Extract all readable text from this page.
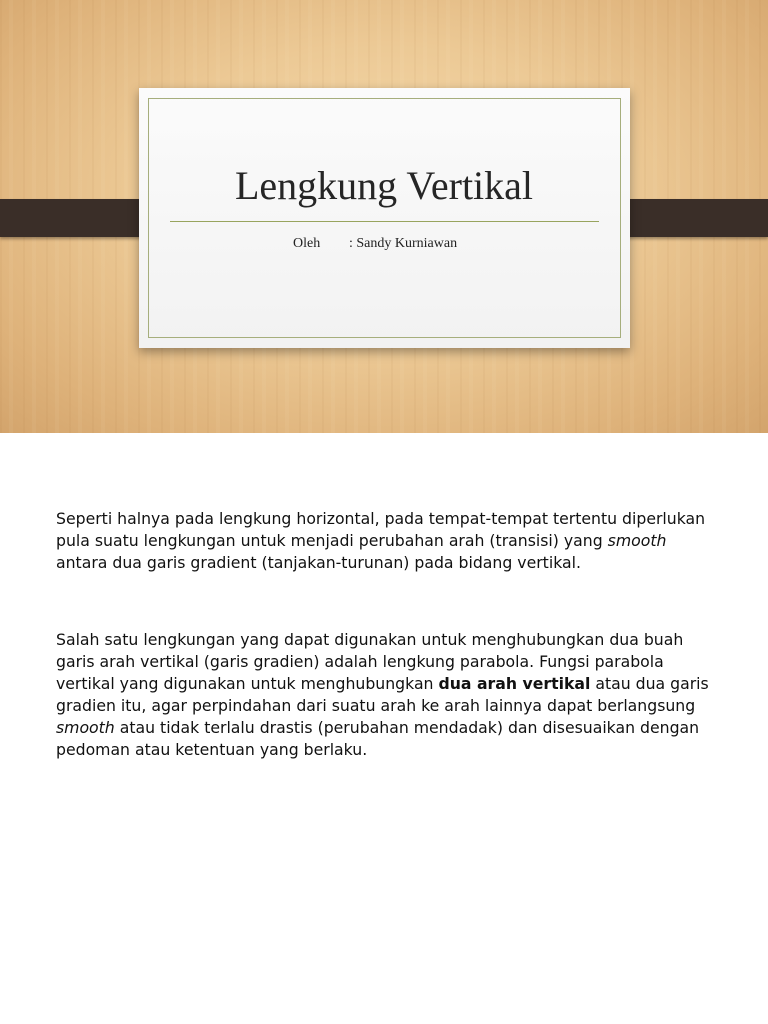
Lengkung Vertikal
Oleh : Sandy Kurniawan

Seperti halnya pada lengkung horizontal, pada tempat-tempat tertentu diperlukan pula suatu lengkungan untuk menjadi perubahan arah (transisi) yang smooth antara dua garis gradient (tanjakan-turunan) pada bidang vertikal.

Salah satu lengkungan yang dapat digunakan untuk menghubungkan dua buah garis arah vertikal (garis gradien) adalah lengkung parabola. Fungsi parabola vertikal yang digunakan untuk menghubungkan dua arah vertikal atau dua garis gradien itu, agar perpindahan dari suatu arah ke arah lainnya dapat berlangsung smooth atau tidak terlalu drastis (perubahan mendadak) dan disesuaikan dengan pedoman atau ketentuan yang berlaku.
